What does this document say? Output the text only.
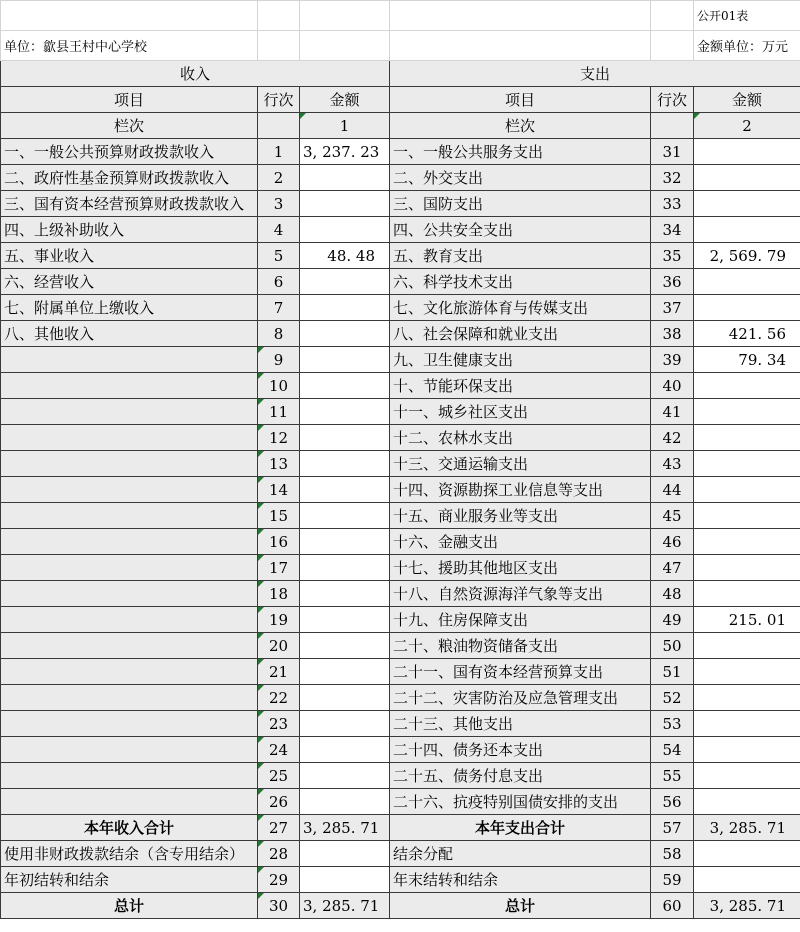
					公开01表
单位：歙县王村中心学校					金额单位：万元
收入			支出		
项目	行次	金额	项目	行次	金额
栏次		1	栏次		2
一、一般公共预算财政拨款收入	1	3, 237. 23	一、一般公共服务支出	31	
二、政府性基金预算财政拨款收入	2		二、外交支出	32	
三、国有资本经营预算财政拨款收入	3		三、国防支出	33	
四、上级补助收入	4		四、公共安全支出	34	
五、事业收入	5	48. 48	五、教育支出	35	2, 569. 79
六、经营收入	6		六、科学技术支出	36	
七、附属单位上缴收入	7		七、文化旅游体育与传媒支出	37	
八、其他收入	8		八、社会保障和就业支出	38	421. 56
	9		九、卫生健康支出	39	79. 34
	10		十、节能环保支出	40	
	11		十一、城乡社区支出	41	
	12		十二、农林水支出	42	
	13		十三、交通运输支出	43	
	14		十四、资源勘探工业信息等支出	44	
	15		十五、商业服务业等支出	45	
	16		十六、金融支出	46	
	17		十七、援助其他地区支出	47	
	18		十八、自然资源海洋气象等支出	48	
	19		十九、住房保障支出	49	215. 01
	20		二十、粮油物资储备支出	50	
	21		二十一、国有资本经营预算支出	51	
	22		二十二、灾害防治及应急管理支出	52	
	23		二十三、其他支出	53	
	24		二十四、债务还本支出	54	
	25		二十五、债务付息支出	55	
	26		二十六、抗疫特别国债安排的支出	56	
本年收入合计	27	3, 285. 71	本年支出合计	57	3, 285. 71
使用非财政拨款结余（含专用结余）	28		结余分配	58	
年初结转和结余	29		年末结转和结余	59	
总计	30	3, 285. 71	总计	60	3, 285. 71
